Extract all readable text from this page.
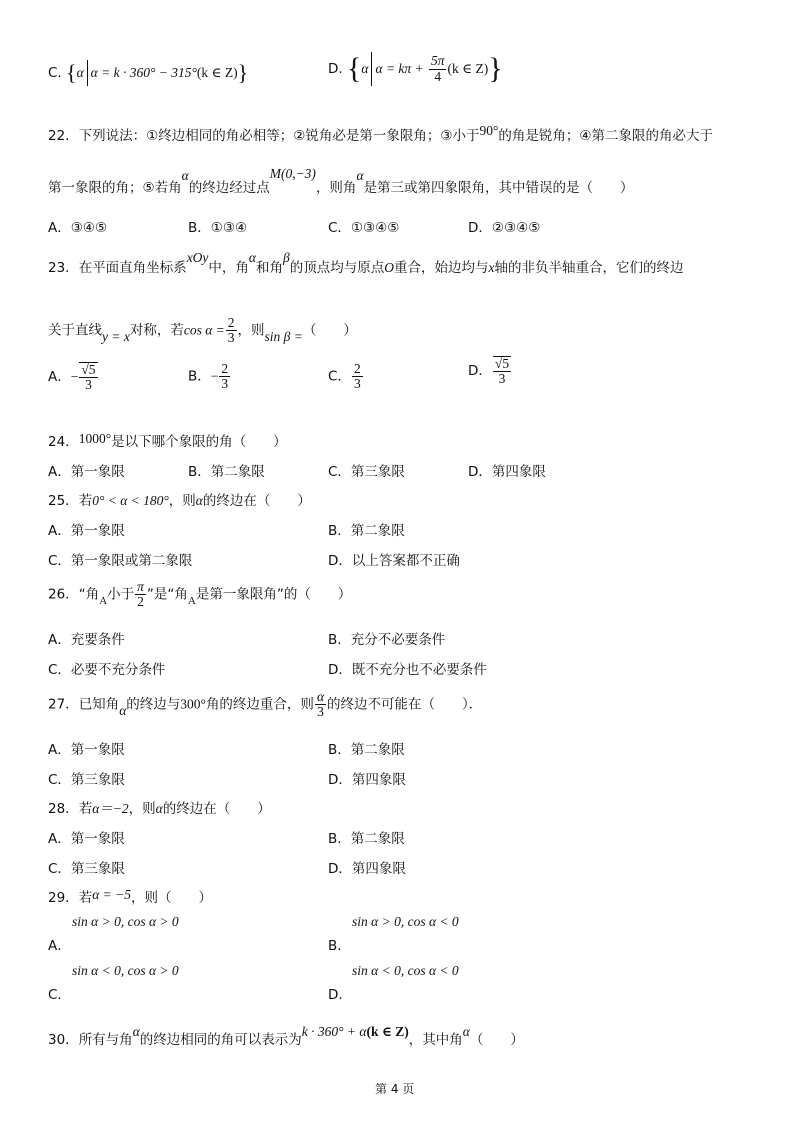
C. {α α = k · 360° − 315°(k ∈ Z)}	D. {α $\alpha = k\pi + \frac{5\pi}{4} (k$ ∈ Z)}
22．下列说法：①终边相同的角必相等；②锐角必是第一象限角；③小于90°的角是锐角；④第二象限的角必大于
第一象限的角；⑤若角α的终边经过点M(0,−3)，则角α是第三或第四象限角，其中错误的是（　　）
A．③④⑤	B．①③④	C．①③④⑤	D．②③④⑤
23．在平面直角坐标系xOy中，角α和角β的顶点均与原点O重合，始边均与x轴的非负半轴重合，它们的终边
关于直线y = x对称，若$\cos \alpha = \frac{2}{3}$ ，则sin β =（　　）
A．− $\frac{√5}{3}$	B．− $\frac{2}{3}$	C． $\frac{2}{3}$	D． $\frac{√5}{3}$
24．1000°是以下哪个象限的角（　　）
A．第一象限	B．第二象限	C．第三象限	D．第四象限
25．若0° < α < 180°，则α的终边在（　　）
A．第一象限	B．第二象限
C．第一象限或第二象限	D．以上答案都不正确
26．“角$_A$小于 $\frac{\pi}{2}$ ”是“角$_A$是第一象限角”的（　　）
A．充要条件	B．充分不必要条件
C．必要不充分条件	D．既不充分也不必要条件
27．已知角α的终边与300°角的终边重合，则 $\frac{\alpha}{3}$ 的终边不可能在（　　）．
A．第一象限	B．第二象限
C．第三象限	D．第四象限
28．若α＝−2，则α的终边在（　　）
A．第一象限	B．第二象限
C．第三象限	D．第四象限
29．若α = −5，则（　　）
sin α > 0, cos α > 0
A．
sin α > 0, cos α < 0
B．
sin α < 0, cos α > 0
C．
sin α < 0, cos α < 0
D．
30．所有与角α的终边相同的角可以表示为k · 360° + α(k ∈ Z)，其中角α（　　）
第 4 页
